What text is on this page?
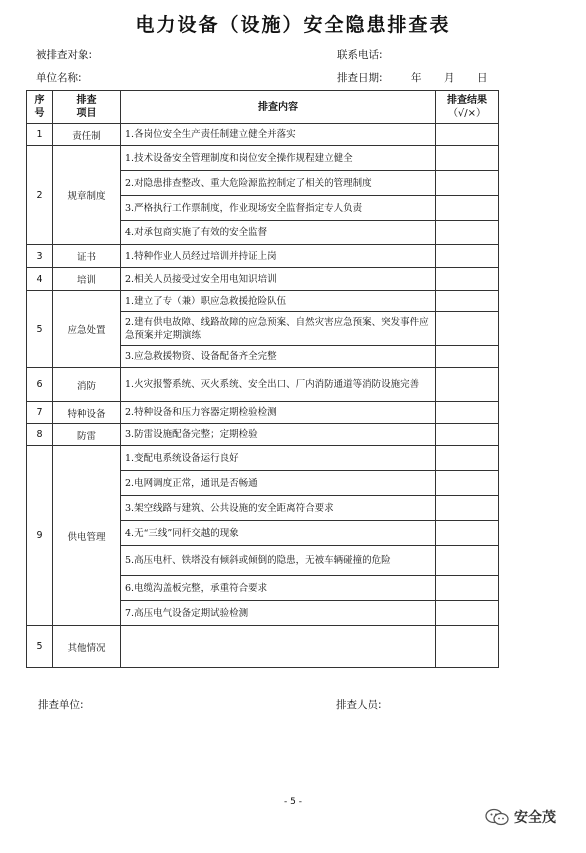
电力设备（设施）安全隐患排查表
被排查对象:	联系电话:
单位名称:	排查日期:	年 月 日
序号	排查项目	排查内容	排查结果
（√/×）

1	责任制	1.各岗位安全生产责任制建立健全并落实	
2	规章制度	1.技术设备安全管理制度和岗位安全操作规程建立健全	
		2.对隐患排查整改、重大危险源监控制定了相关的管理制度	
		3.严格执行工作票制度，作业现场安全监督指定专人负责	
		4.对承包商实施了有效的安全监督	
3	证书	1.特种作业人员经过培训并持证上岗	
4	培训	2.相关人员接受过安全用电知识培训	
5	应急处置	1.建立了专（兼）职应急救援抢险队伍	
		2.建有供电故障、线路故障的应急预案、自然灾害应急预案、突发事件应急预案并定期演练	
		3.应急救援物资、设备配备齐全完整	
6	消防	1.火灾报警系统、灭火系统、安全出口、厂内消防通道等消防设施完善	
7	特种设备	2.特种设备和压力容器定期检验检测	
8	防雷	3.防雷设施配备完整；定期检验	
9	供电管理	1.变配电系统设备运行良好	
		2.电网调度正常，通讯是否畅通	
		3.架空线路与建筑、公共设施的安全距离符合要求	
		4.无“三线”同杆交越的现象	
		5.高压电杆、铁塔没有倾斜或倾倒的隐患，无被车辆碰撞的危险	
		6.电缆沟盖板完整，承重符合要求	
		7.高压电气设备定期试验检测	
5	其他情况		
排查单位:	排查人员:
- 5 -
安全茂
